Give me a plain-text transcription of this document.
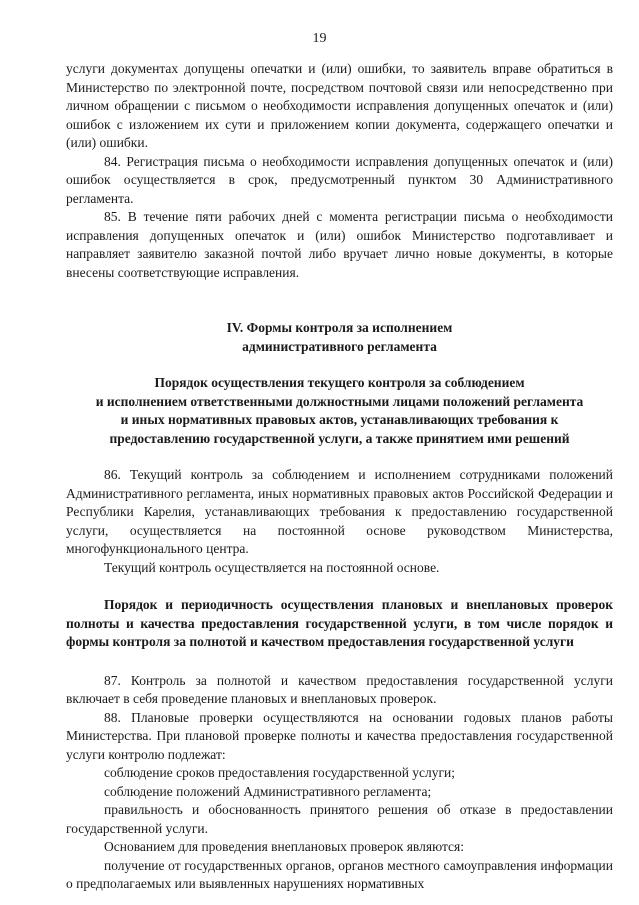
19

услуги документах допущены опечатки и (или) ошибки, то заявитель вправе обратиться в Министерство по электронной почте, посредством почтовой связи или непосредственно при личном обращении с письмом о необходимости исправления допущенных опечаток и (или) ошибок с изложением их сути и приложением копии документа, содержащего опечатки и (или) ошибки.

84. Регистрация письма о необходимости исправления допущенных опечаток и (или) ошибок осуществляется в срок, предусмотренный пунктом 30 Административного регламента.

85. В течение пяти рабочих дней с момента регистрации письма о необходимости исправления допущенных опечаток и (или) ошибок Министерство подготавливает и направляет заявителю заказной почтой либо вручает лично новые документы, в которые внесены соответствующие исправления.

IV. Формы контроля за исполнением
административного регламента

Порядок осуществления текущего контроля за соблюдением
и исполнением ответственными должностными лицами положений регламента
и иных нормативных правовых актов, устанавливающих требования к
предоставлению государственной услуги, а также принятием ими решений

86. Текущий контроль за соблюдением и исполнением сотрудниками положений Административного регламента, иных нормативных правовых актов Российской Федерации и Республики Карелия, устанавливающих требования к предоставлению государственной услуги, осуществляется на постоянной основе руководством Министерства, многофункционального центра.

Текущий контроль осуществляется на постоянной основе.

Порядок и периодичность осуществления плановых и внеплановых проверок полноты и качества предоставления государственной услуги, в том числе порядок и формы контроля за полнотой и качеством предоставления государственной услуги

87. Контроль за полнотой и качеством предоставления государственной услуги включает в себя проведение плановых и внеплановых проверок.

88. Плановые проверки осуществляются на основании годовых планов работы Министерства. При плановой проверке полноты и качества предоставления государственной услуги контролю подлежат:

соблюдение сроков предоставления государственной услуги;

соблюдение положений Административного регламента;

правильность и обоснованность принятого решения об отказе в предоставлении государственной услуги.

Основанием для проведения внеплановых проверок являются:

получение от государственных органов, органов местного самоуправления информации о предполагаемых или выявленных нарушениях нормативных
